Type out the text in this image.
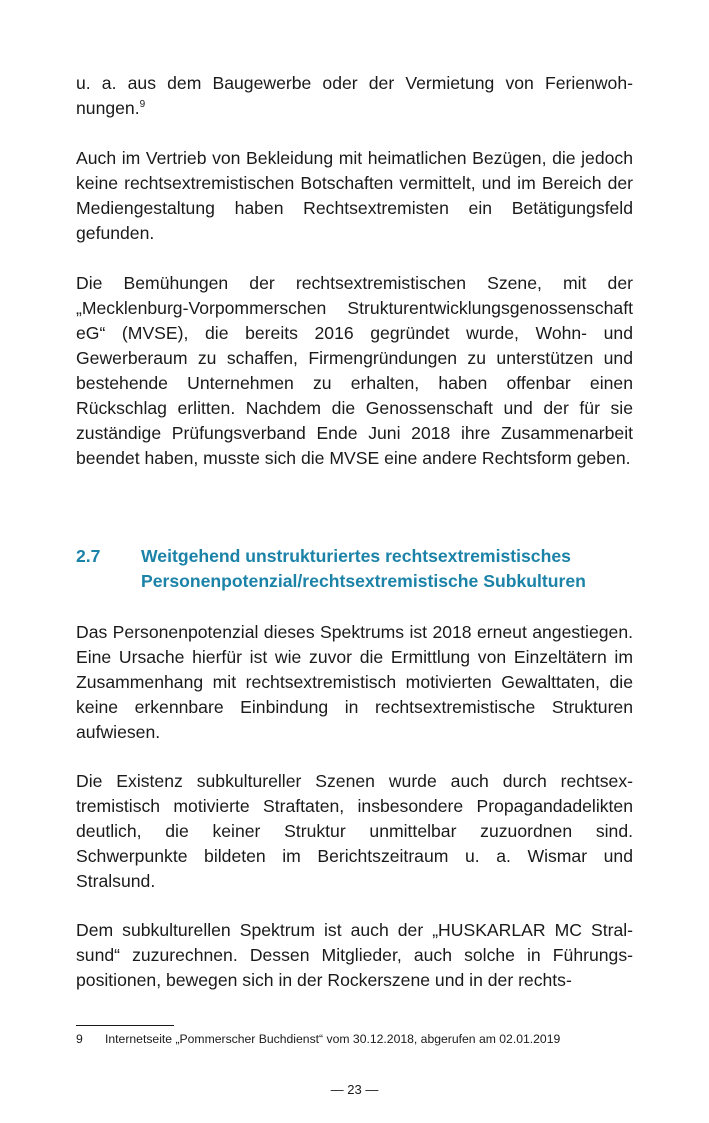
u. a. aus dem Baugewerbe oder der Vermietung von Ferienwohnungen.$^9$

Auch im Vertrieb von Bekleidung mit heimatlichen Bezügen, die jedoch keine rechtsextremistischen Botschaften vermittelt, und im Bereich der Mediengestaltung haben Rechtsextremisten ein Betätigungsfeld gefunden.

Die Bemühungen der rechtsextremistischen Szene, mit der „Mecklenburg-Vorpommerschen Strukturentwicklungsgenossenschaft eG“ (MVSE), die bereits 2016 gegründet wurde, Wohn- und Gewerberaum zu schaffen, Firmengründungen zu unterstützen und bestehende Unternehmen zu erhalten, haben offenbar einen Rückschlag erlitten. Nachdem die Genossenschaft und der für sie zuständige Prüfungsverband Ende Juni 2018 ihre Zusammenarbeit beendet haben, musste sich die MVSE eine andere Rechtsform geben.

2.7 Weitgehend unstrukturiertes rechtsextremistisches
Personenpotenzial/rechtsextremistische Subkulturen

Das Personenpotenzial dieses Spektrums ist 2018 erneut angestiegen. Eine Ursache hierfür ist wie zuvor die Ermittlung von Einzeltätern im Zusammenhang mit rechtsextremistisch motivierten Gewalttaten, die keine erkennbare Einbindung in rechtsextremistische Strukturen aufwiesen.

Die Existenz subkultureller Szenen wurde auch durch rechtsextremistisch motivierte Straftaten, insbesondere Propagandadelikten deutlich, die keiner Struktur unmittelbar zuzuordnen sind. Schwerpunkte bildeten im Berichtszeitraum u. a. Wismar und Stralsund.

Dem subkulturellen Spektrum ist auch der „HUSKARLAR MC Stralsund“ zuzurechnen. Dessen Mitglieder, auch solche in Führungspositionen, bewegen sich in der Rockerszene und in der rechts-

9 Internetseite „Pommerscher Buchdienst“ vom 30.12.2018, abgerufen am 02.01.2019
— 23 —
